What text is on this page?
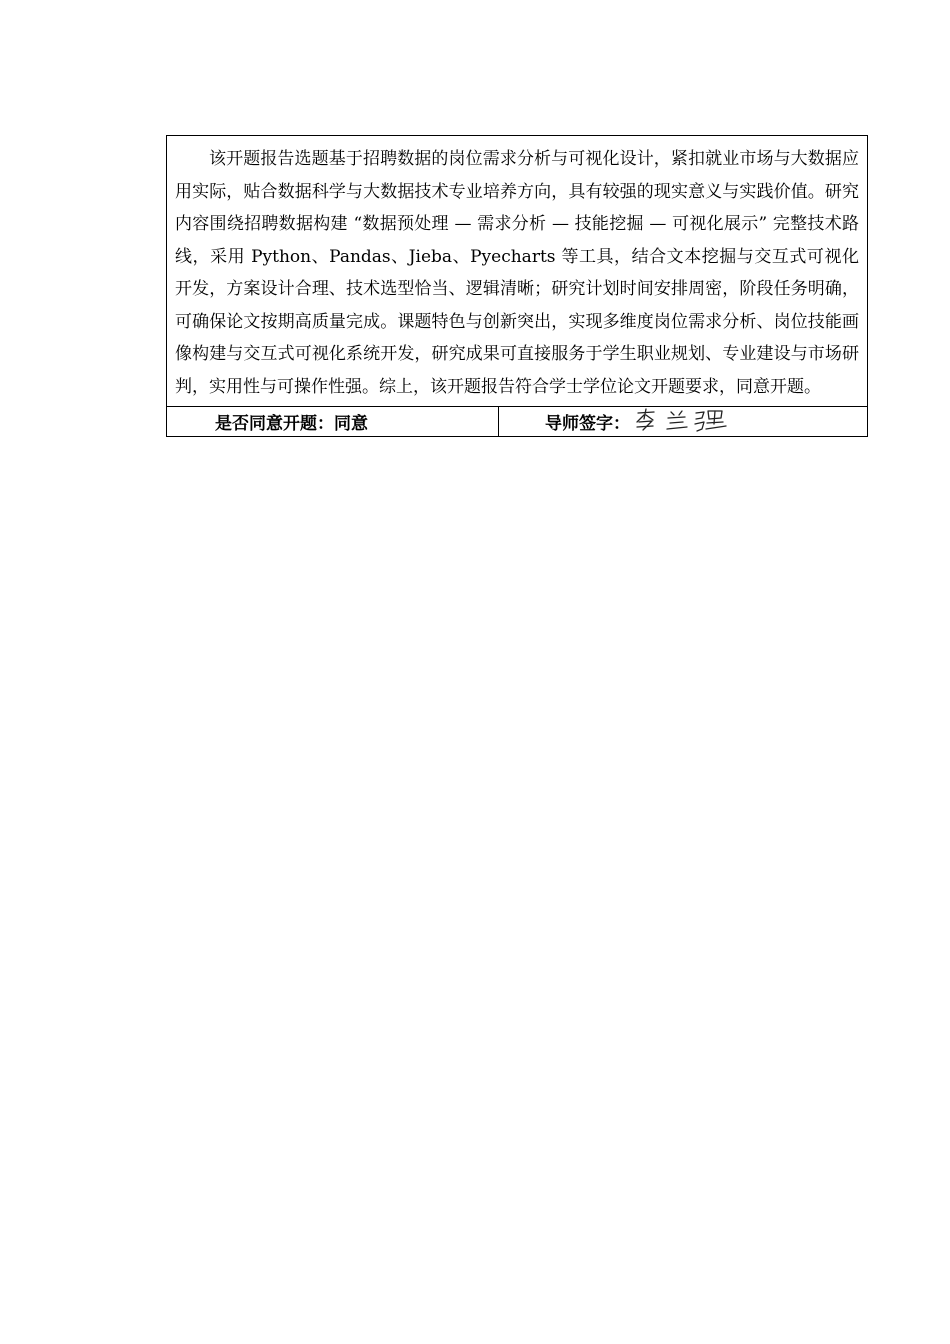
该开题报告选题基于招聘数据的岗位需求分析与可视化设计，紧扣就业市场与大数据应用实际，贴合数据科学与大数据技术专业培养方向，具有较强的现实意义与实践价值。研究内容围绕招聘数据构建 “数据预处理 — 需求分析 — 技能挖掘 — 可视化展示” 完整技术路线，采用 Python、Pandas、Jieba、Pyecharts 等工具，结合文本挖掘与交互式可视化开发，方案设计合理、技术选型恰当、逻辑清晰；研究计划时间安排周密，阶段任务明确，可确保论文按期高质量完成。课题特色与创新突出，实现多维度岗位需求分析、岗位技能画像构建与交互式可视化系统开发，研究成果可直接服务于学生职业规划、专业建设与市场研判，实用性与可操作性强。综上，该开题报告符合学士学位论文开题要求，同意开题。

是否同意开题： 同意	导师签字：
